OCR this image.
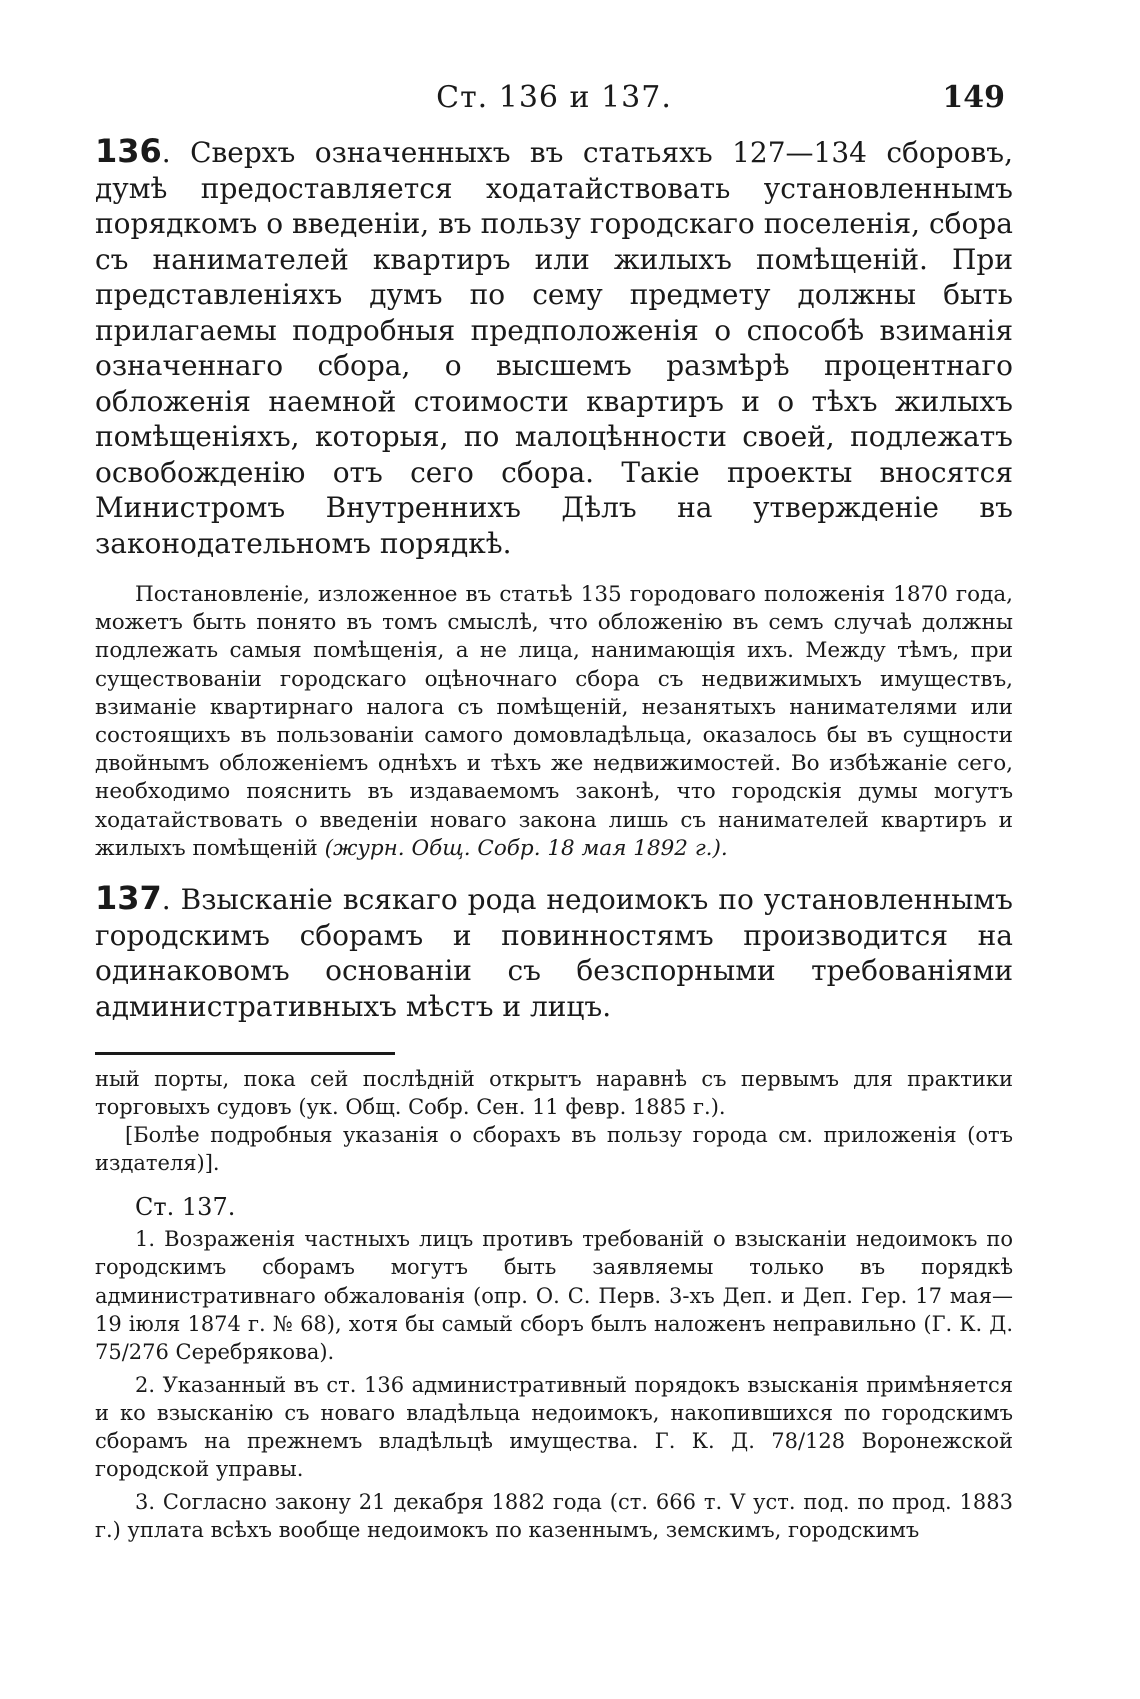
Ст. 136 и 137.	149

136. Сверхъ означенныхъ въ статьяхъ 127—134 сборовъ, думѣ предоставляется ходатайствовать установленнымъ порядкомъ о введеніи, въ пользу городскаго поселенія, сбора съ нанимателей квартиръ или жилыхъ помѣщеній. При представленіяхъ думъ по сему предмету должны быть прилагаемы подробныя предположенія о способѣ взиманія означеннаго сбора, о высшемъ размѣрѣ процентнаго обложенія наемной стоимости квартиръ и о тѣхъ жилыхъ помѣщеніяхъ, которыя, по малоцѣнности своей, подлежатъ освобожденію отъ сего сбора. Такіе проекты вносятся Министромъ Внутреннихъ Дѣлъ на утвержденіе въ законодательномъ порядкѣ.

Постановленіе, изложенное въ статьѣ 135 городоваго положенія 1870 года, можетъ быть понято въ томъ смыслѣ, что обложенію въ семъ случаѣ должны подлежать самыя помѣщенія, а не лица, нанимающія ихъ. Между тѣмъ, при существованіи городскаго оцѣночнаго сбора съ недвижимыхъ имуществъ, взиманіе квартирнаго налога съ помѣщеній, незанятыхъ нанимателями или состоящихъ въ пользованіи самого домовладѣльца, оказалось бы въ сущности двойнымъ обложеніемъ однѣхъ и тѣхъ же недвижимостей. Во избѣжаніе сего, необходимо пояснить въ издаваемомъ законѣ, что городскія думы могутъ ходатайствовать о введеніи новаго закона лишь съ нанимателей квартиръ и жилыхъ помѣщеній (журн. Общ. Собр. 18 мая 1892 г.).

137. Взысканіе всякаго рода недоимокъ по установленнымъ городскимъ сборамъ и повинностямъ производится на одинаковомъ основаніи съ безспорными требованіями административныхъ мѣстъ и лицъ.

ный порты, пока сей послѣдній открытъ наравнѣ съ первымъ для практики торговыхъ судовъ (ук. Общ. Собр. Сен. 11 февр. 1885 г.).

[Болѣе подробныя указанія о сборахъ въ пользу города см. приложенія (отъ издателя)].

Ст. 137.

1. Возраженія частныхъ лицъ противъ требованій о взысканіи недоимокъ по городскимъ сборамъ могутъ быть заявляемы только въ порядкѣ административнаго обжалованія (опр. О. С. Перв. 3-хъ Деп. и Деп. Гер. 17 мая—19 іюля 1874 г. № 68), хотя бы самый сборъ былъ наложенъ неправильно (Г. К. Д. 75/276 Серебрякова).

2. Указанный въ ст. 136 административный порядокъ взысканія примѣняется и ко взысканію съ новаго владѣльца недоимокъ, накопившихся по городскимъ сборамъ на прежнемъ владѣльцѣ имущества. Г. К. Д. 78/128 Воронежской городской управы.

3. Согласно закону 21 декабря 1882 года (ст. 666 т. V уст. под. по прод. 1883 г.) уплата всѣхъ вообще недоимокъ по казеннымъ, земскимъ, городскимъ
